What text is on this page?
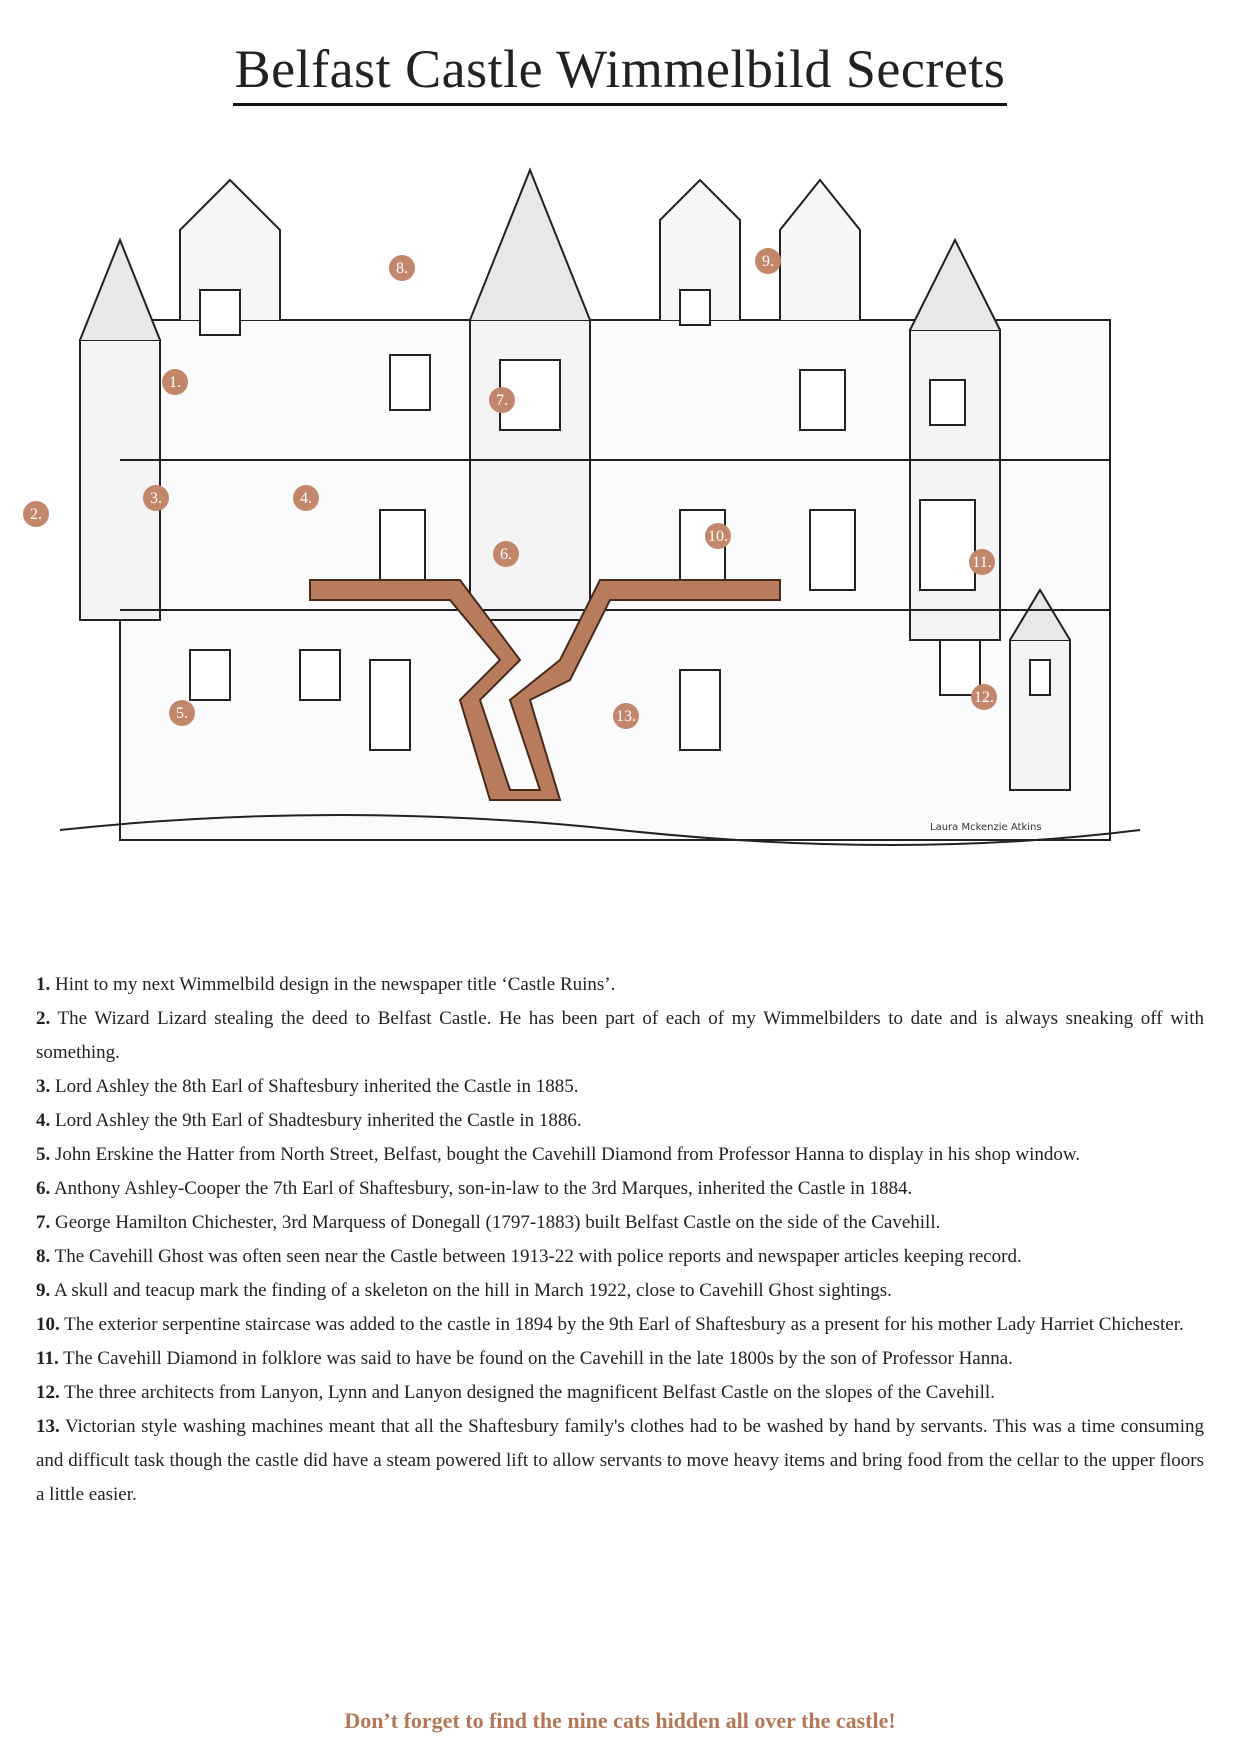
Belfast Castle Wimmelbild Secrets
1.
2.
3.	4.
5.
6.
7.
8.	9.
10.
11.
12.
13.
Laura Mckenzie Atkins

1. Hint to my next Wimmelbild design in the newspaper title ‘Castle Ruins’.

2. The Wizard Lizard stealing the deed to Belfast Castle. He has been part of each of my Wimmelbilders to date and is always sneaking off with something.

3. Lord Ashley the 8th Earl of Shaftesbury inherited the Castle in 1885.

4. Lord Ashley the 9th Earl of Shadtesbury inherited the Castle in 1886.

5. John Erskine the Hatter from North Street, Belfast, bought the Cavehill Diamond from Professor Hanna to display in his shop window.

6. Anthony Ashley-Cooper the 7th Earl of Shaftesbury, son-in-law to the 3rd Marques, inherited the Castle in 1884.

7. George Hamilton Chichester, 3rd Marquess of Donegall (1797-1883) built Belfast Castle on the side of the Cavehill.

8. The Cavehill Ghost was often seen near the Castle between 1913-22 with police reports and newspaper articles keeping record.

9. A skull and teacup mark the finding of a skeleton on the hill in March 1922, close to Cavehill Ghost sightings.

10. The exterior serpentine staircase was added to the castle in 1894 by the 9th Earl of Shaftesbury as a present for his mother Lady Harriet Chichester.

11. The Cavehill Diamond in folklore was said to have be found on the Cavehill in the late 1800s by the son of Professor Hanna.

12. The three architects from Lanyon, Lynn and Lanyon designed the magnificent Belfast Castle on the slopes of the Cavehill.

13. Victorian style washing machines meant that all the Shaftesbury family's clothes had to be washed by hand by servants. This was a time consuming and difficult task though the castle did have a steam powered lift to allow servants to move heavy items and bring food from the cellar to the upper floors a little easier.

Don’t forget to find the nine cats hidden all over the castle!
